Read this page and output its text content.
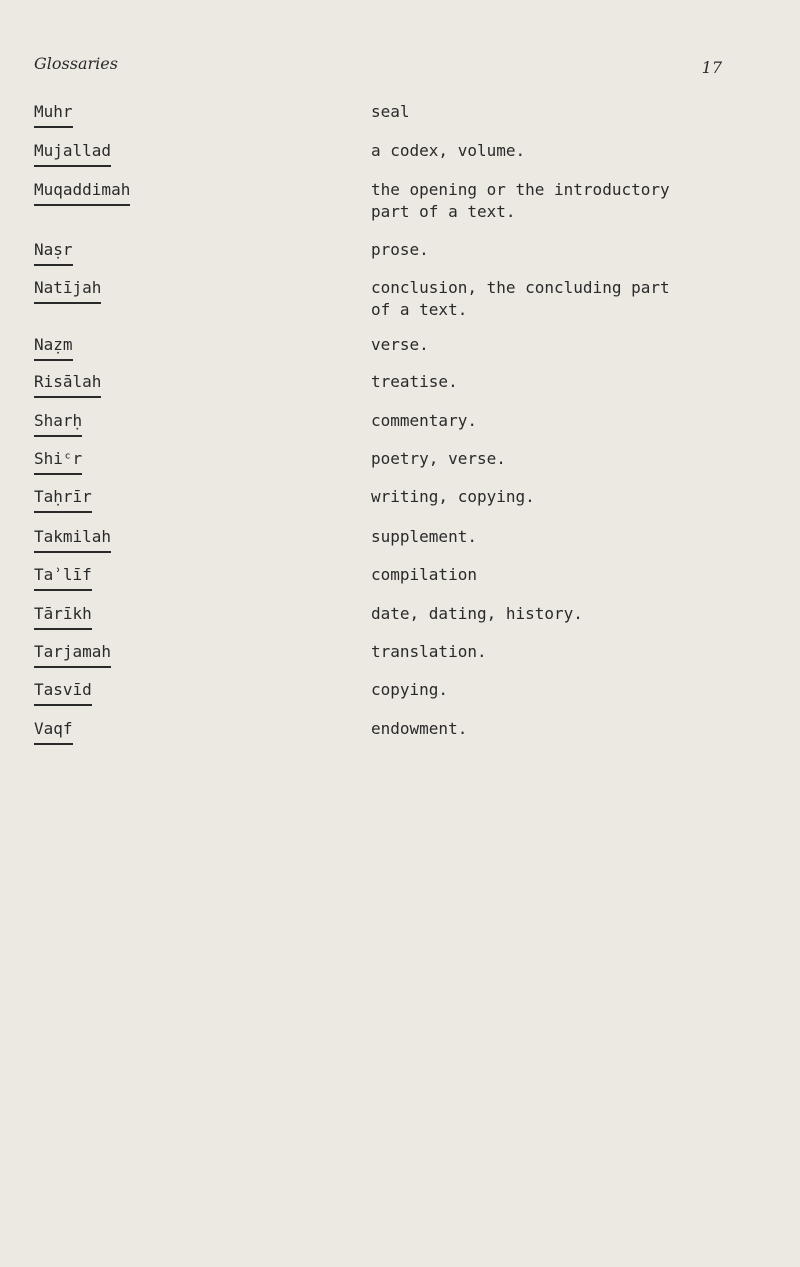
Glossaries	17
Muhr	seal
Mujallad	a codex, volume.
Muqaddimah	the opening or the introductory
part of a text.
Naṣr	prose.
Natījah	conclusion, the concluding part
of a text.
Naẓm	verse.
Risālah	treatise.
Sharḥ	commentary.
Shiᶜr	poetry, verse.
Taḥrīr	writing, copying.
Takmilah	supplement.
Taʾlīf	compilation
Tārīkh	date, dating, history.
Tarjamah	translation.
Tasvīd	copying.
Vaqf	endowment.
